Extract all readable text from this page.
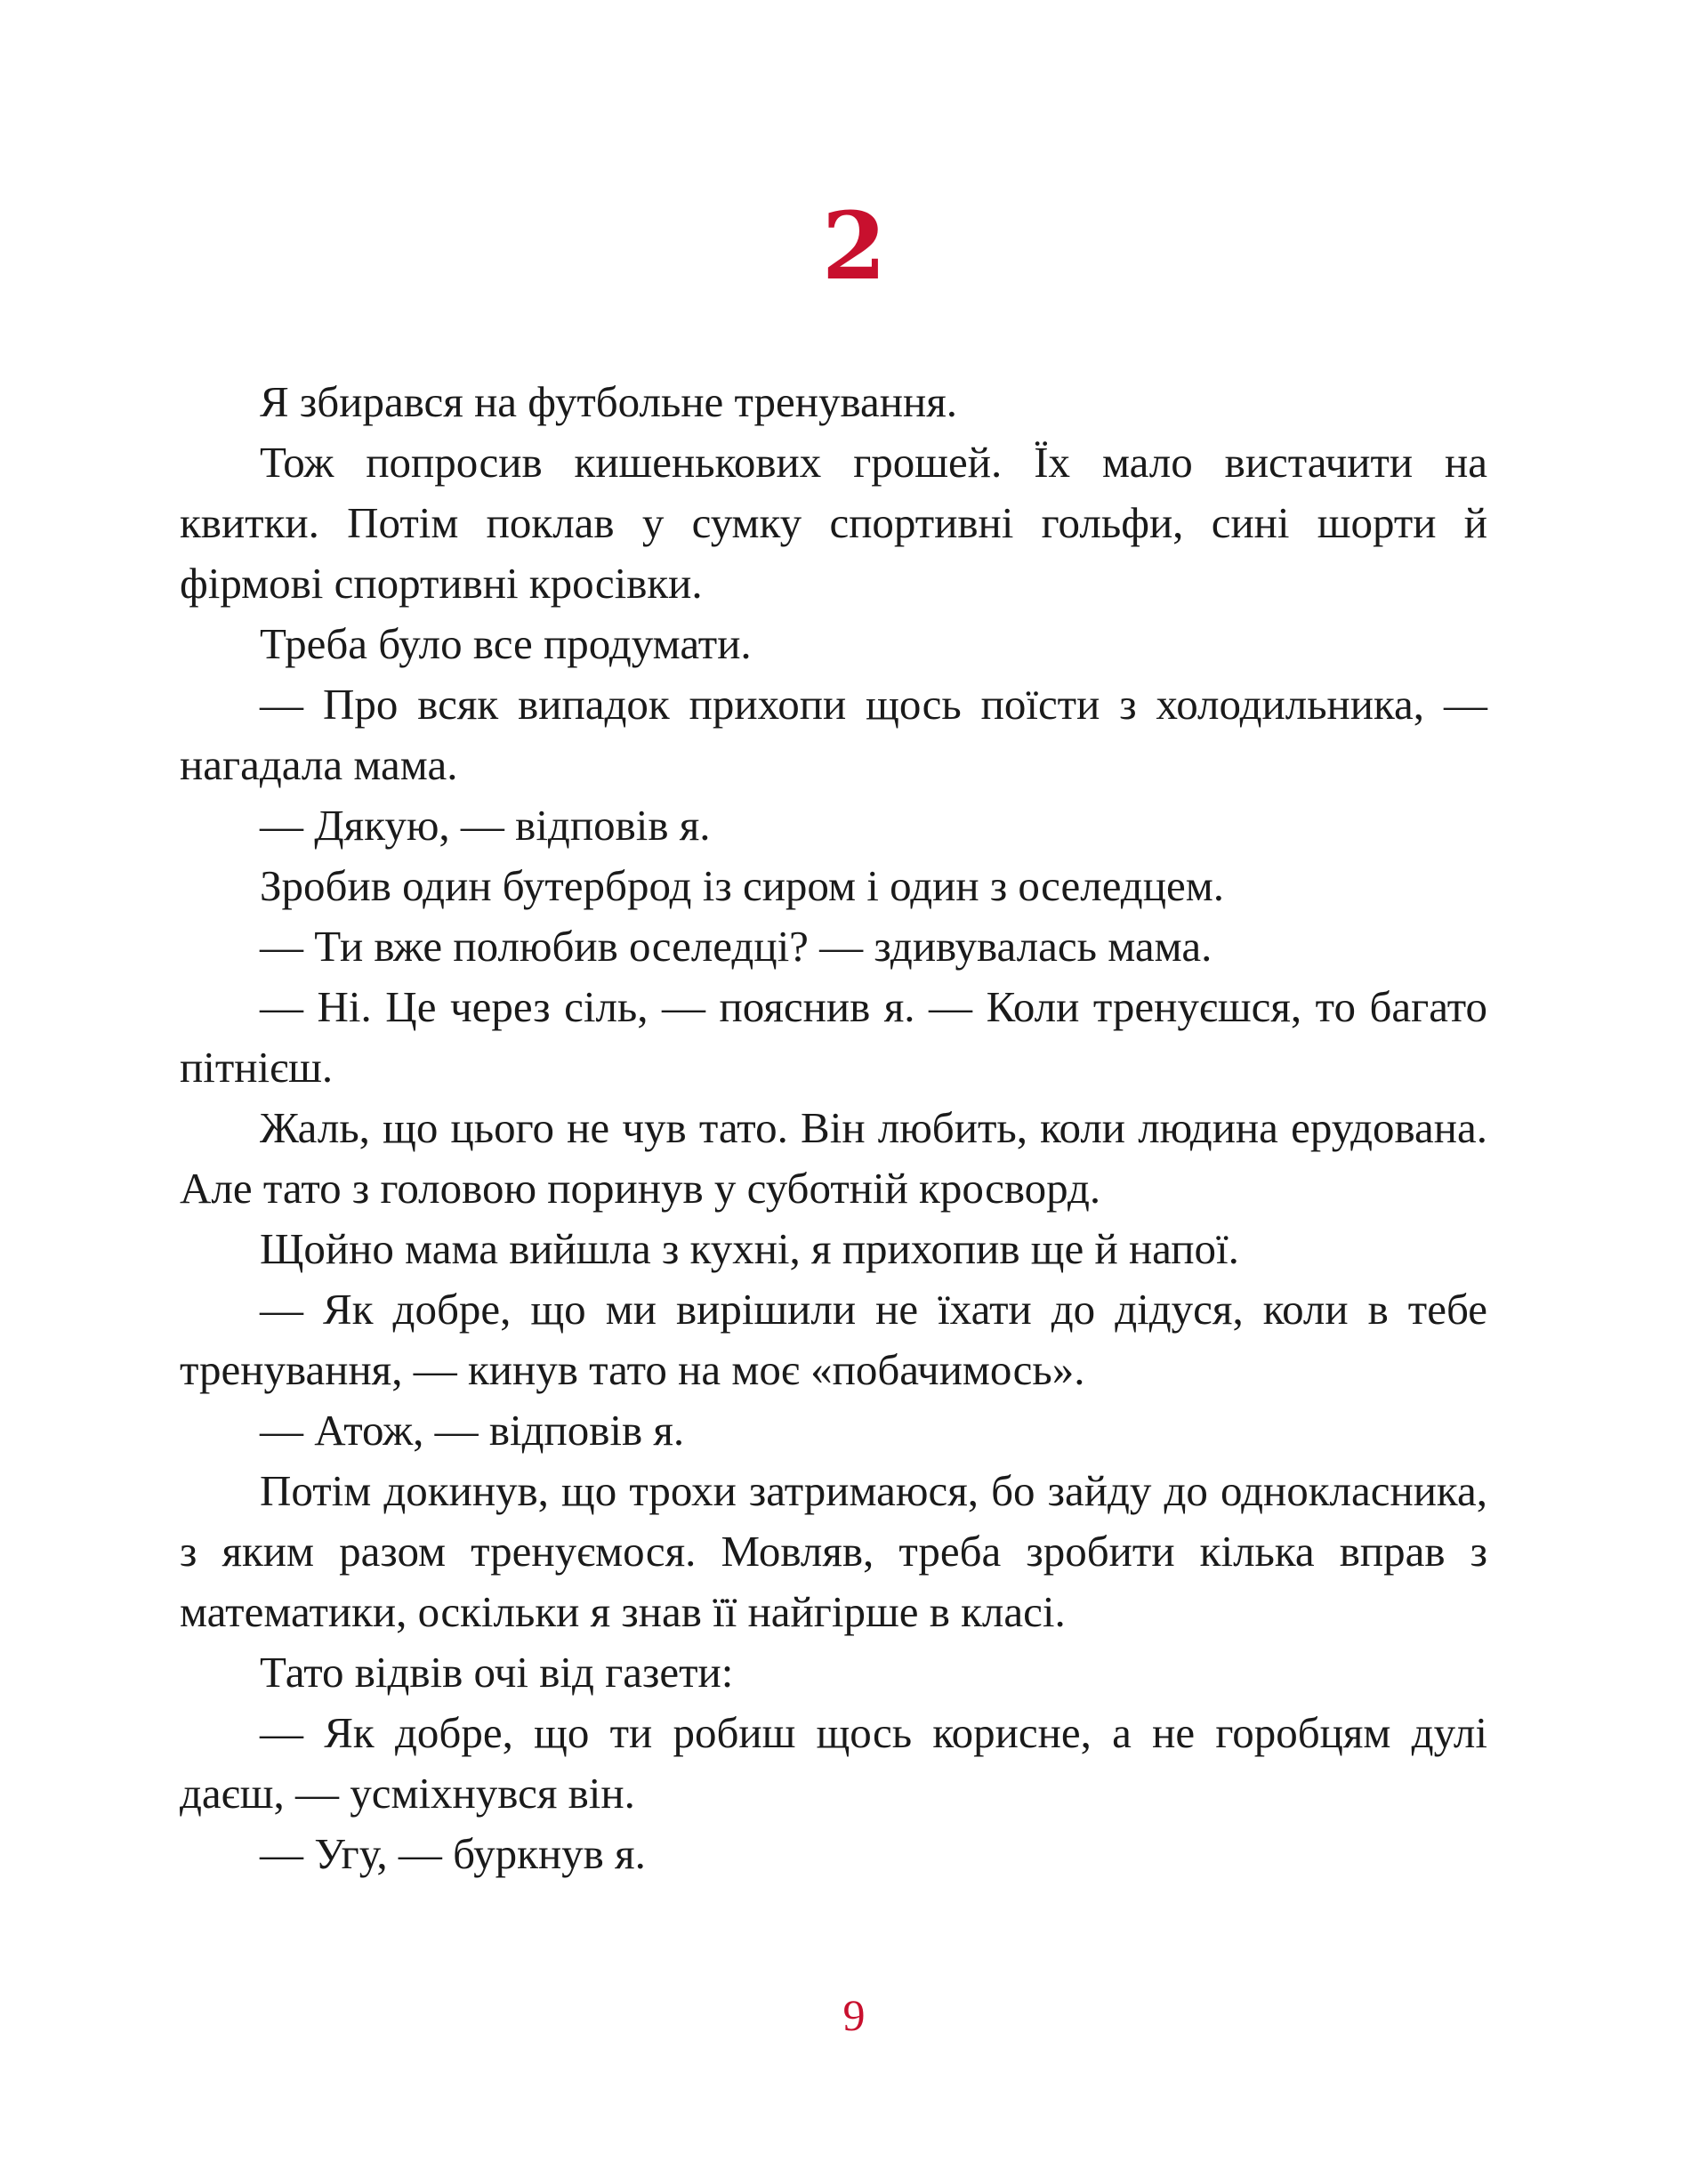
2

Я збирався на футбольне тренування.

Тож попросив кишенькових грошей. Їх мало вистачити на квитки. Потім поклав у сумку спортивні гольфи, сині шорти й фірмові спортивні кросівки.

Треба було все продумати.

— Про всяк випадок прихопи щось поїсти з холодильника, — нагадала мама.

— Дякую, — відповів я.

Зробив один бутерброд із сиром і один з оселедцем.

— Ти вже полюбив оселедці? — здивувалась мама.

— Ні. Це через сіль, — пояснив я. — Коли тренуєшся, то багато пітнієш.

Жаль, що цього не чув тато. Він любить, коли людина ерудована. Але тато з головою поринув у суботній кросворд.

Щойно мама вийшла з кухні, я прихопив ще й напої.

— Як добре, що ми вирішили не їхати до дідуся, коли в тебе тренування, — кинув тато на моє «побачимось».

— Атож, — відповів я.

Потім докинув, що трохи затримаюся, бо зайду до однокласника, з яким разом тренуємося. Мовляв, треба зробити кілька вправ з математики, оскільки я знав її найгірше в класі.

Тато відвів очі від газети:

— Як добре, що ти робиш щось корисне, а не горобцям дулі даєш, — усміхнувся він.

— Угу, — буркнув я.

9
